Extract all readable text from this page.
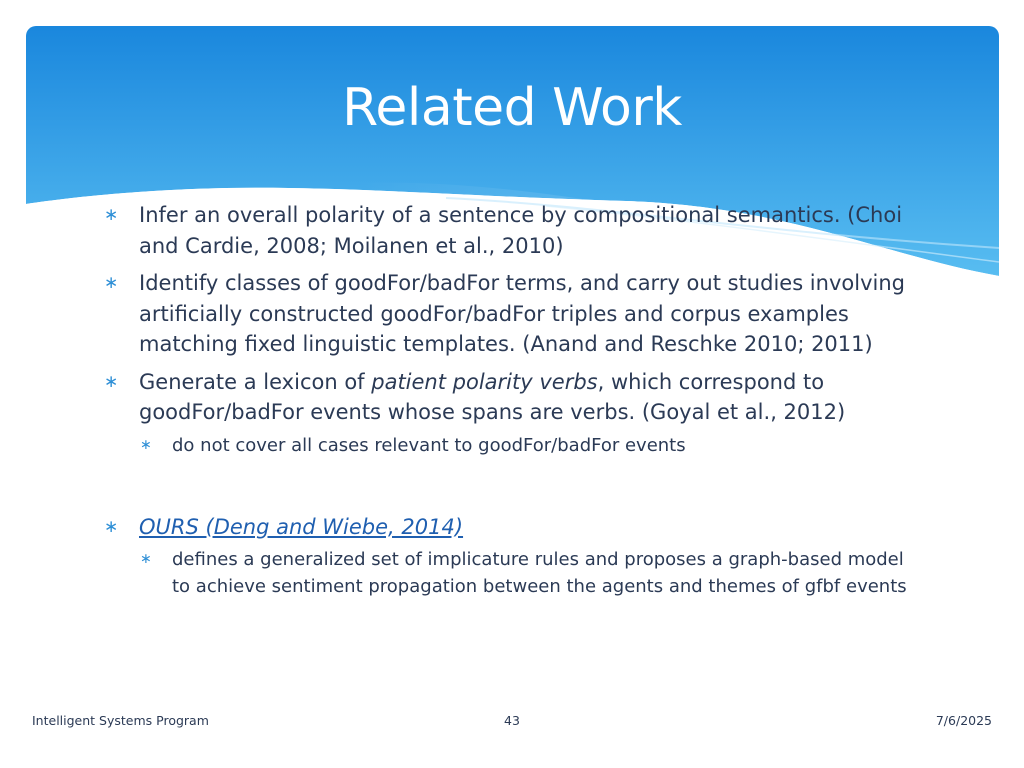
Related Work
∗ Infer an overall polarity of a sentence by compositional semantics. (Choi and Cardie, 2008; Moilanen et al., 2010)
∗ Identify classes of goodFor/badFor terms, and carry out studies involving artificially constructed goodFor/badFor triples and corpus examples matching fixed linguistic templates. (Anand and Reschke 2010; 2011)
∗ Generate a lexicon of patient polarity verbs, which correspond to goodFor/badFor events whose spans are verbs. (Goyal et al., 2012)
∗ do not cover all cases relevant to goodFor/badFor events
∗ OURS (Deng and Wiebe, 2014)
∗ defines a generalized set of implicature rules and proposes a graph-based model to achieve sentiment propagation between the agents and themes of gfbf events
Intelligent Systems Program	43	7/6/2025
